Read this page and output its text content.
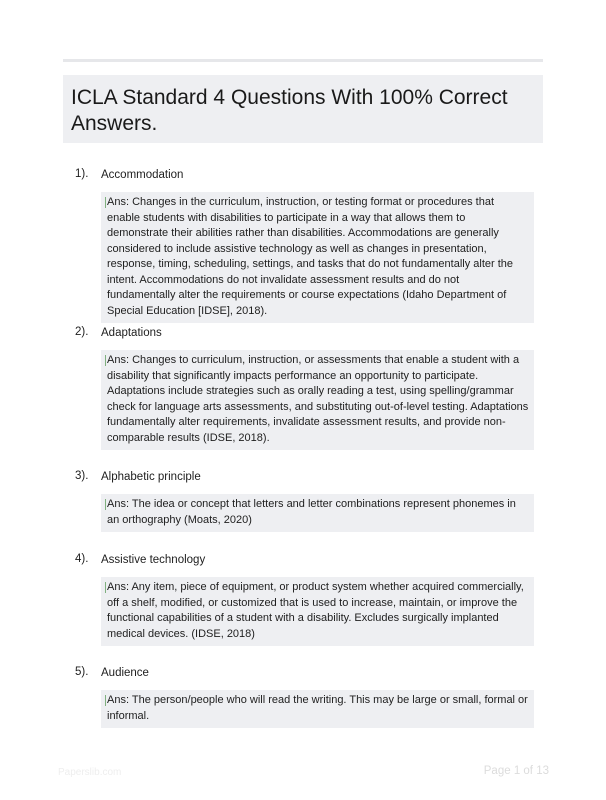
ICLA Standard 4 Questions With 100% Correct Answers.
1). Accommodation
Ans: Changes in the curriculum, instruction, or testing format or procedures that enable students with disabilities to participate in a way that allows them to demonstrate their abilities rather than disabilities. Accommodations are generally considered to include assistive technology as well as changes in presentation, response, timing, scheduling, settings, and tasks that do not fundamentally alter the intent. Accommodations do not invalidate assessment results and do not fundamentally alter the requirements or course expectations (Idaho Department of Special Education [IDSE], 2018).
2). Adaptations
Ans: Changes to curriculum, instruction, or assessments that enable a student with a disability that significantly impacts performance an opportunity to participate. Adaptations include strategies such as orally reading a test, using spelling/grammar check for language arts assessments, and substituting out-of-level testing. Adaptations fundamentally alter requirements, invalidate assessment results, and provide non-comparable results (IDSE, 2018).
3). Alphabetic principle
Ans: The idea or concept that letters and letter combinations represent phonemes in an orthography (Moats, 2020)
4). Assistive technology
Ans: Any item, piece of equipment, or product system whether acquired commercially, off a shelf, modified, or customized that is used to increase, maintain, or improve the functional capabilities of a student with a disability. Excludes surgically implanted medical devices. (IDSE, 2018)
5). Audience
Ans: The person/people who will read the writing. This may be large or small, formal or informal.
Paperslib.com	Page 1 of 13
